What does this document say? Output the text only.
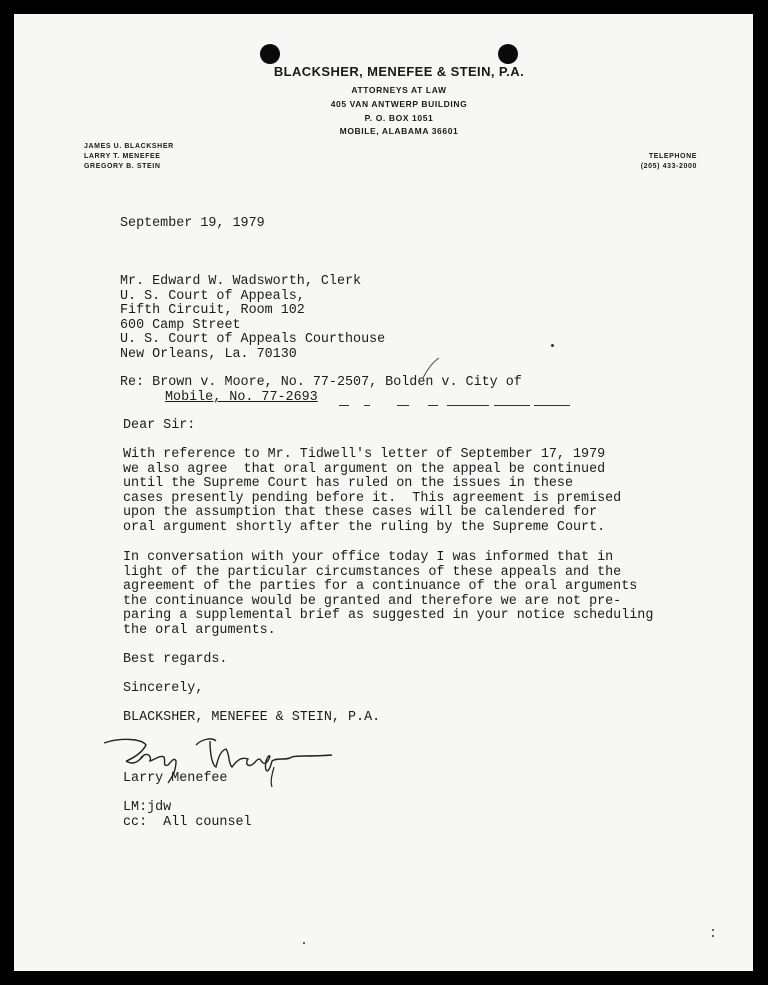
BLACKSHER, MENEFEE & STEIN, P.A.
ATTORNEYS AT LAW
405 VAN ANTWERP BUILDING
P. O. BOX 1051
MOBILE, ALABAMA 36601
JAMES U. BLACKSHER
LARRY T. MENEFEE
GREGORY B. STEIN
TELEPHONE
(205) 433-2000
September 19, 1979
Mr. Edward W. Wadsworth, Clerk
U. S. Court of Appeals,
Fifth Circuit, Room 102
600 Camp Street
U. S. Court of Appeals Courthouse
New Orleans, La. 70130
Re: Brown v. Moore, No. 77-2507, Bolden v. City of
Mobile, No. 77-2693
Dear Sir:
With reference to Mr. Tidwell's letter of September 17, 1979
we also agree  that oral argument on the appeal be continued
until the Supreme Court has ruled on the issues in these
cases presently pending before it.  This agreement is premised
upon the assumption that these cases will be calendered for
oral argument shortly after the ruling by the Supreme Court.
In conversation with your office today I was informed that in
light of the particular circumstances of these appeals and the
agreement of the parties for a continuance of the oral arguments
the continuance would be granted and therefore we are not pre-
paring a supplemental brief as suggested in your notice scheduling
the oral arguments.
Best regards.
Sincerely,
BLACKSHER, MENEFEE & STEIN, P.A.
Larry Menefee
LM:jdw
cc:  All counsel
